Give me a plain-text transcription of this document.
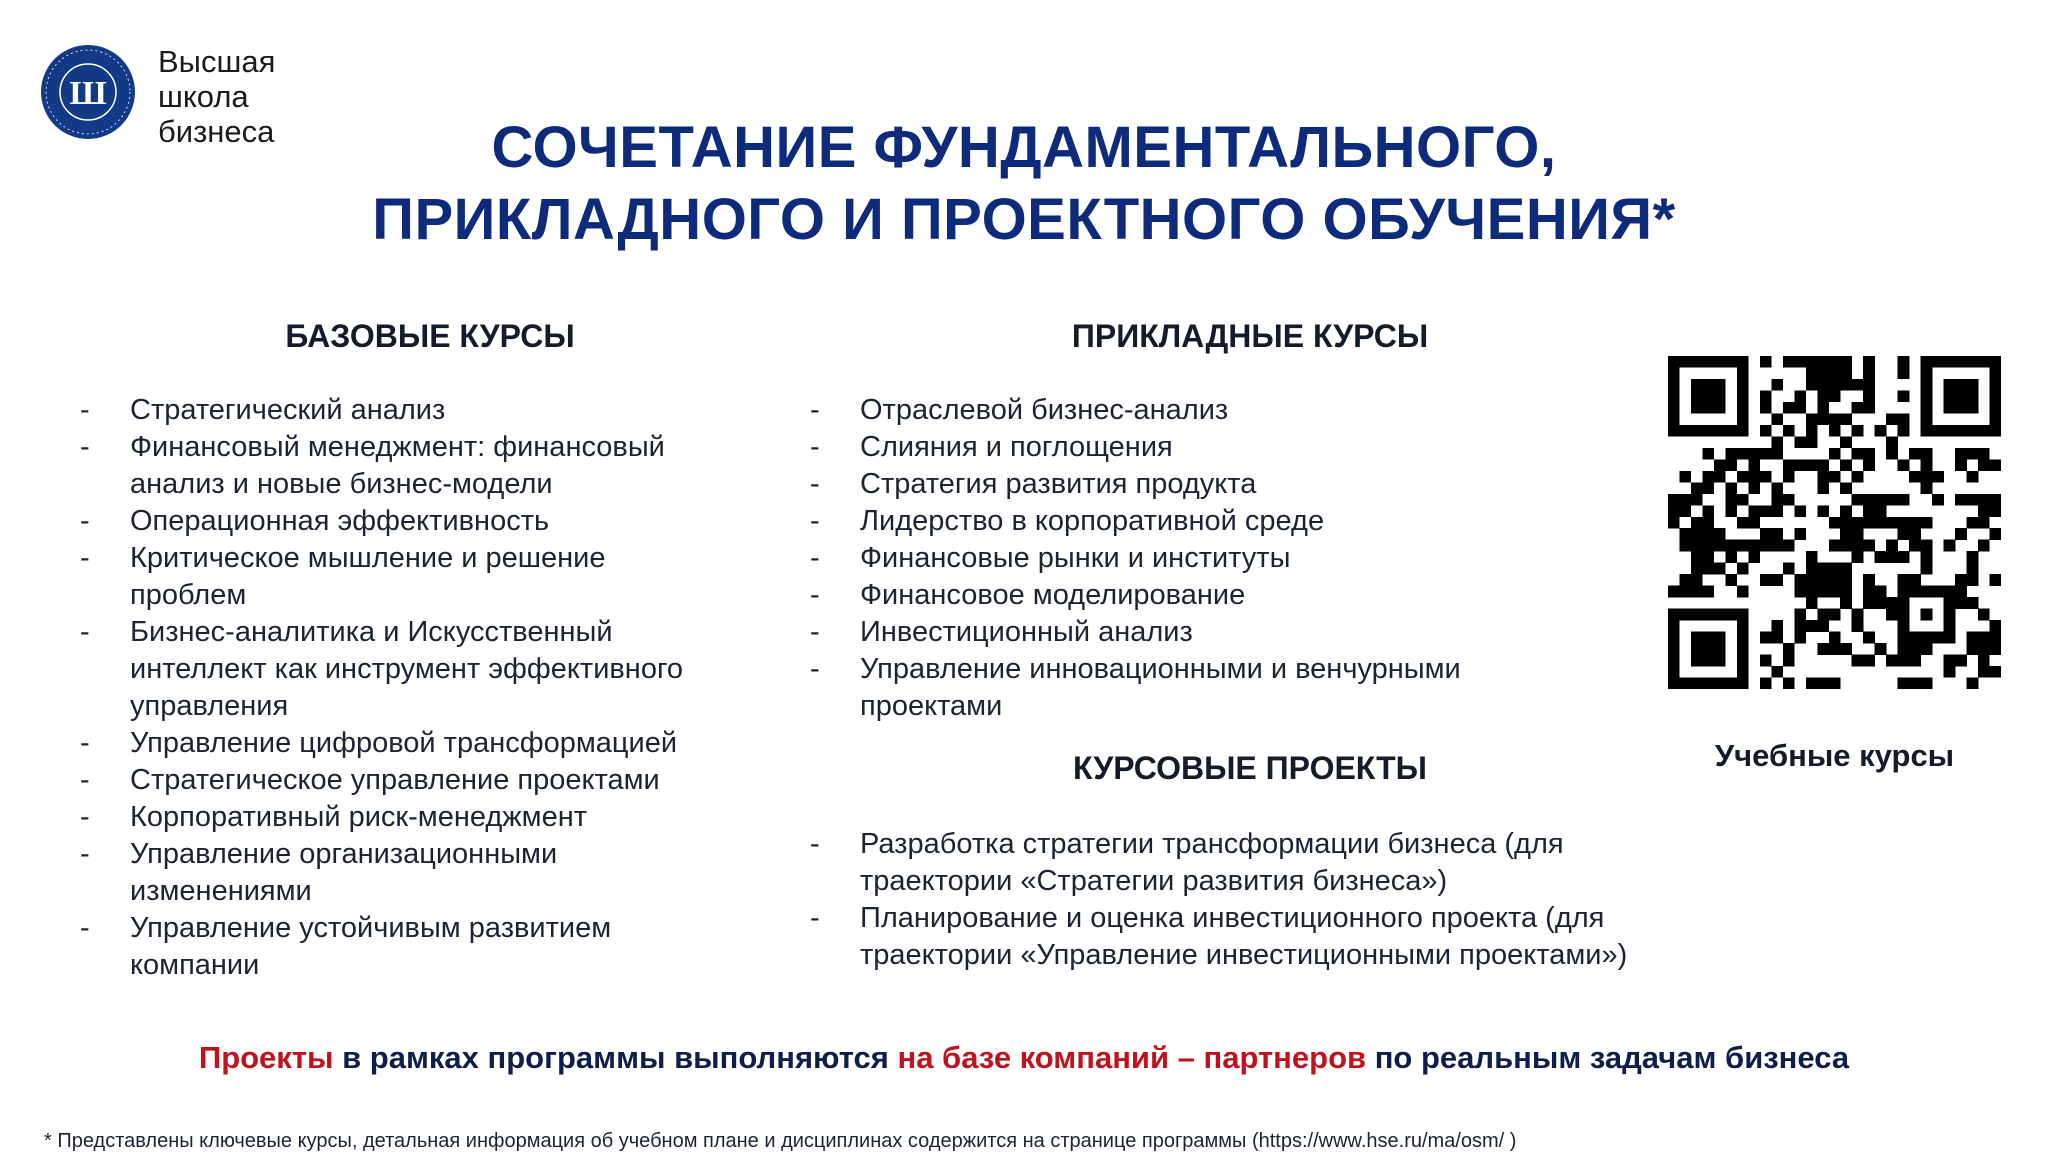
Ш
Высшая
школа
бизнеса	СОЧЕТАНИЕ ФУНДАМЕНТАЛЬНОГО,
ПРИКЛАДНОГО И ПРОЕКТНОГО ОБУЧЕНИЯ*
БАЗОВЫЕ КУРСЫ
- Стратегический анализ
- Финансовый менеджмент: финансовый
анализ и новые бизнес-модели
- Операционная эффективность
- Критическое мышление и решение
проблем
- Бизнес-аналитика и Искусственный
интеллект как инструмент эффективного
управления
- Управление цифровой трансформацией
- Стратегическое управление проектами
- Корпоративный риск-менеджмент
- Управление организационными
изменениями
- Управление устойчивым развитием
компании
ПРИКЛАДНЫЕ КУРСЫ
- Отраслевой бизнес-анализ
- Слияния и поглощения
- Стратегия развития продукта
- Лидерство в корпоративной среде
- Финансовые рынки и институты
- Финансовое моделирование
- Инвестиционный анализ
- Управление инновационными и венчурными
проектами
КУРСОВЫЕ ПРОЕКТЫ
- Разработка стратегии трансформации бизнеса (для
траектории «Стратегии развития бизнеса»)
- Планирование и оценка инвестиционного проекта (для
траектории «Управление инвестиционными проектами»)
Учебные курсы
Проекты в рамках программы выполняются на базе компаний – партнеров по реальным задачам бизнеса
* Представлены ключевые курсы, детальная информация об учебном плане и дисциплинах содержится на странице программы (https://www.hse.ru/ma/osm/ )
